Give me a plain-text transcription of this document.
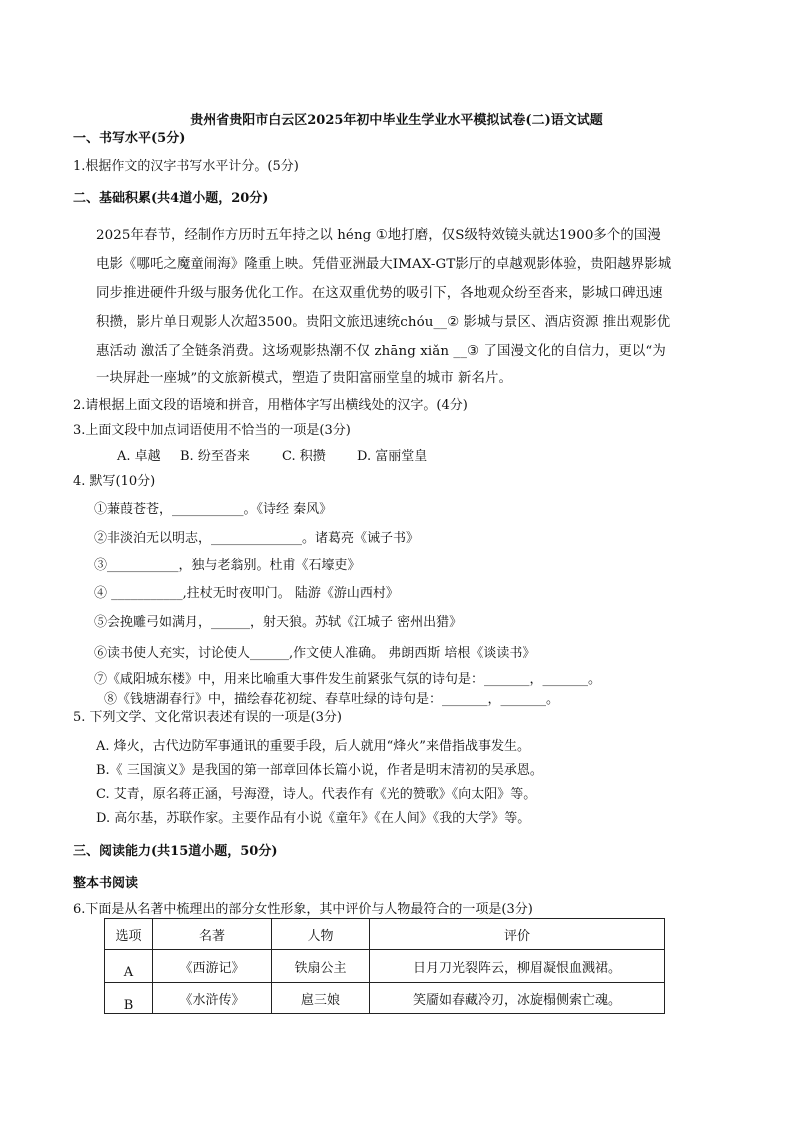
贵州省贵阳市白云区2025年初中毕业生学业水平模拟试卷(二)语文试题
一、书写水平(5分)
1.根据作文的汉字书写水平计分。(5分)
二、基础积累(共4道小题，20分)
2025年春节，经制作方历时五年持之以 héng ①地打磨，仅S级特效镜头就达1900多个的国漫
电影《哪吒之魔童闹海》隆重上映。凭借亚洲最大IMAX-GT影厅的卓越观影体验，贵阳越界影城
同步推进硬件升级与服务优化工作。在这双重优势的吸引下，各地观众纷至沓来，影城口碑迅速
积攒，影片单日观影人次超3500。贵阳文旅迅速统chóu__② 影城与景区、酒店资源 推出观影优
惠活动 激活了全链条消费。这场观影热潮不仅 zhāng xiǎn __③ 了国漫文化的自信力，更以“为
一块屏赴一座城”的文旅新模式，塑造了贵阳富丽堂皇的城市 新名片。
2.请根据上面文段的语境和拼音，用楷体字写出横线处的汉字。(4分)
3.上面文段中加点词语使用不恰当的一项是(3分)
A. 卓越 B. 纷至沓来 C. 积攒 D. 富丽堂皇
4. 默写(10分)
①蒹葭苍苍，___________。《诗经 秦风》
②非淡泊无以明志，______________。诸葛亮《诫子书》
③___________，独与老翁别。杜甫《石壕吏》
④ ___________,拄杖无时夜叩门。 陆游《游山西村》
⑤会挽雕弓如满月，______，射天狼。苏轼《江城子 密州出猎》
⑥读书使人充实，讨论使人______,作文使人准确。 弗朗西斯 培根《谈读书》
⑦《咸阳城东楼》中，用来比喻重大事件发生前紧张气氛的诗句是：_______，_______。
⑧《钱塘湖春行》中，描绘春花初绽、春草吐绿的诗句是：_______，_______。
5. 下列文学、文化常识表述有误的一项是(3分)
A. 烽火，古代边防军事通讯的重要手段，后人就用“烽火”来借指战事发生。
B.《 三国演义》是我国的第一部章回体长篇小说，作者是明末清初的吴承恩。
C. 艾青，原名蒋正涵，号海澄，诗人。代表作有《光的赞歌》《向太阳》等。
D. 高尔基，苏联作家。主要作品有小说《童年》《在人间》《我的大学》等。
三、阅读能力(共15道小题，50分)
整本书阅读
6.下面是从名著中梳理出的部分女性形象，其中评价与人物最符合的一项是(3分)
选项	名著	人物	评价
A	《西游记》	铁扇公主	日月刀光裂阵云，柳眉凝恨血溅裙。
B	《水浒传》	扈三娘	笑靥如春藏冷刃，冰旋榻侧索亡魂。
